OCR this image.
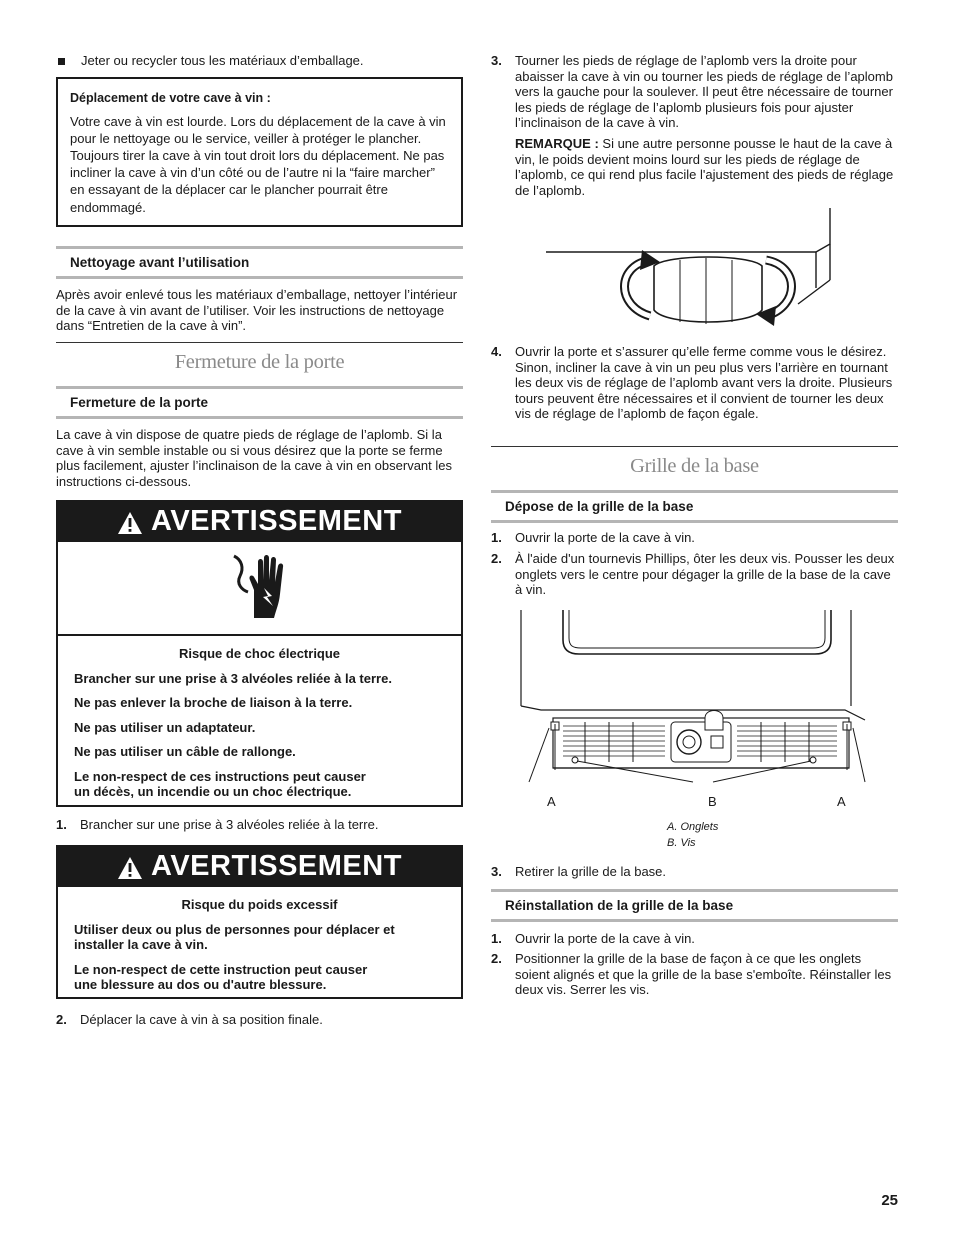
Jeter ou recycler tous les matériaux d’emballage.
Déplacement de votre cave à vin :
Votre cave à vin est lourde. Lors du déplacement de la cave à vin pour le nettoyage ou le service, veiller à protéger le plancher. Toujours tirer la cave à vin tout droit lors du déplacement. Ne pas incliner la cave à vin d’un côté ou de l’autre ni la “faire marcher” en essayant de la déplacer car le plancher pourrait être endommagé.
Nettoyage avant l’utilisation

Après avoir enlevé tous les matériaux d’emballage, nettoyer l’intérieur de la cave à vin avant de l’utiliser. Voir les instructions de nettoyage dans “Entretien de la cave à vin”.

Fermeture de la porte
Fermeture de la porte

La cave à vin dispose de quatre pieds de réglage de l’aplomb. Si la cave à vin semble instable ou si vous désirez que la porte se ferme plus facilement, ajuster l’inclinaison de la cave à vin en observant les instructions ci-dessous.

AVERTISSEMENT
Risque de choc électrique
Brancher sur une prise à 3 alvéoles reliée à la terre.
Ne pas enlever la broche de liaison à la terre.
Ne pas utiliser un adaptateur.
Ne pas utiliser un câble de rallonge.
Le non-respect de ces instructions peut causer un décès, un incendie ou un choc électrique.
1.	Brancher sur une prise à 3 alvéoles reliée à la terre.
AVERTISSEMENT
Risque du poids excessif
Utiliser deux ou plus de personnes pour déplacer et installer la cave à vin.
Le non-respect de cette instruction peut causer une blessure au dos ou d'autre blessure.
2.	Déplacer la cave à vin à sa position finale.
3.	Tourner les pieds de réglage de l’aplomb vers la droite pour abaisser la cave à vin ou tourner les pieds de réglage de l’aplomb vers la gauche pour la soulever. Il peut être nécessaire de tourner les pieds de réglage de l’aplomb plusieurs fois pour ajuster l’inclinaison de la cave à vin.

REMARQUE : Si une autre personne pousse le haut de la cave à vin, le poids devient moins lourd sur les pieds de réglage de l’aplomb, ce qui rend plus facile l'ajustement des pieds de réglage de l’aplomb.

4.	Ouvrir la porte et s’assurer qu’elle ferme comme vous le désirez. Sinon, incliner la cave à vin un peu plus vers l’arrière en tournant les deux vis de réglage de l’aplomb avant vers la droite. Plusieurs tours peuvent être nécessaires et il convient de tourner les deux vis de réglage de l’aplomb de façon égale.
Grille de la base
Dépose de la grille de la base
1.	Ouvrir la porte de la cave à vin.
2.	À l'aide d'un tournevis Phillips, ôter les deux vis. Pousser les deux onglets vers le centre pour dégager la grille de la base de la cave à vin.
A	B	A
A. Onglets
B. Vis
3.	Retirer la grille de la base.
Réinstallation de la grille de la base
1.	Ouvrir la porte de la cave à vin.
2.	Positionner la grille de la base de façon à ce que les onglets soient alignés et que la grille de la base s'emboîte. Réinstaller les deux vis. Serrer les vis.
25
